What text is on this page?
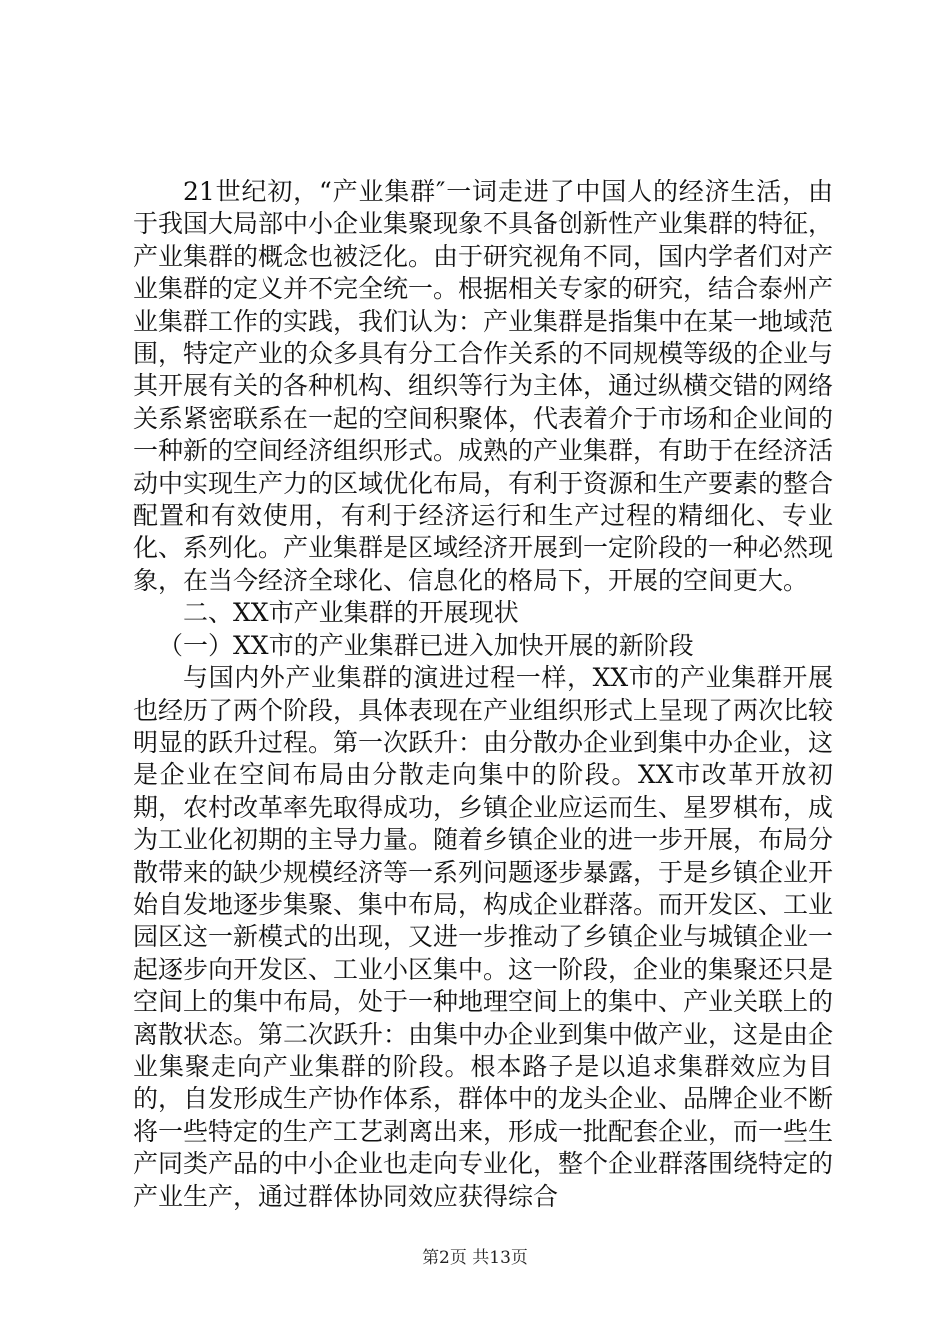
21世纪初，“产业集群″一词走进了中国人的经济生活，由于我国大局部中小企业集聚现象不具备创新性产业集群的特征，产业集群的概念也被泛化。由于研究视角不同，国内学者们对产业集群的定义并不完全统一。根据相关专家的研究，结合泰州产业集群工作的实践，我们认为：产业集群是指集中在某一地域范围，特定产业的众多具有分工合作关系的不同规模等级的企业与其开展有关的各种机构、组织等行为主体，通过纵横交错的网络关系紧密联系在一起的空间积聚体，代表着介于市场和企业间的一种新的空间经济组织形式。成熟的产业集群，有助于在经济活动中实现生产力的区域优化布局，有利于资源和生产要素的整合配置和有效使用，有利于经济运行和生产过程的精细化、专业化、系列化。产业集群是区域经济开展到一定阶段的一种必然现象，在当今经济全球化、信息化的格局下，开展的空间更大。

二、XX市产业集群的开展现状

（一）XX市的产业集群已进入加快开展的新阶段

与国内外产业集群的演进过程一样，XX市的产业集群开展也经历了两个阶段，具体表现在产业组织形式上呈现了两次比较明显的跃升过程。第一次跃升：由分散办企业到集中办企业，这是企业在空间布局由分散走向集中的阶段。XX市改革开放初期，农村改革率先取得成功，乡镇企业应运而生、星罗棋布，成为工业化初期的主导力量。随着乡镇企业的进一步开展，布局分散带来的缺少规模经济等一系列问题逐步暴露，于是乡镇企业开始自发地逐步集聚、集中布局，构成企业群落。而开发区、工业园区这一新模式的出现，又进一步推动了乡镇企业与城镇企业一起逐步向开发区、工业小区集中。这一阶段，企业的集聚还只是空间上的集中布局，处于一种地理空间上的集中、产业关联上的离散状态。第二次跃升：由集中办企业到集中做产业，这是由企业集聚走向产业集群的阶段。根本路子是以追求集群效应为目的，自发形成生产协作体系，群体中的龙头企业、品牌企业不断将一些特定的生产工艺剥离出来，形成一批配套企业，而一些生产同类产品的中小企业也走向专业化，整个企业群落围绕特定的产业生产，通过群体协同效应获得综合

第2页 共13页
